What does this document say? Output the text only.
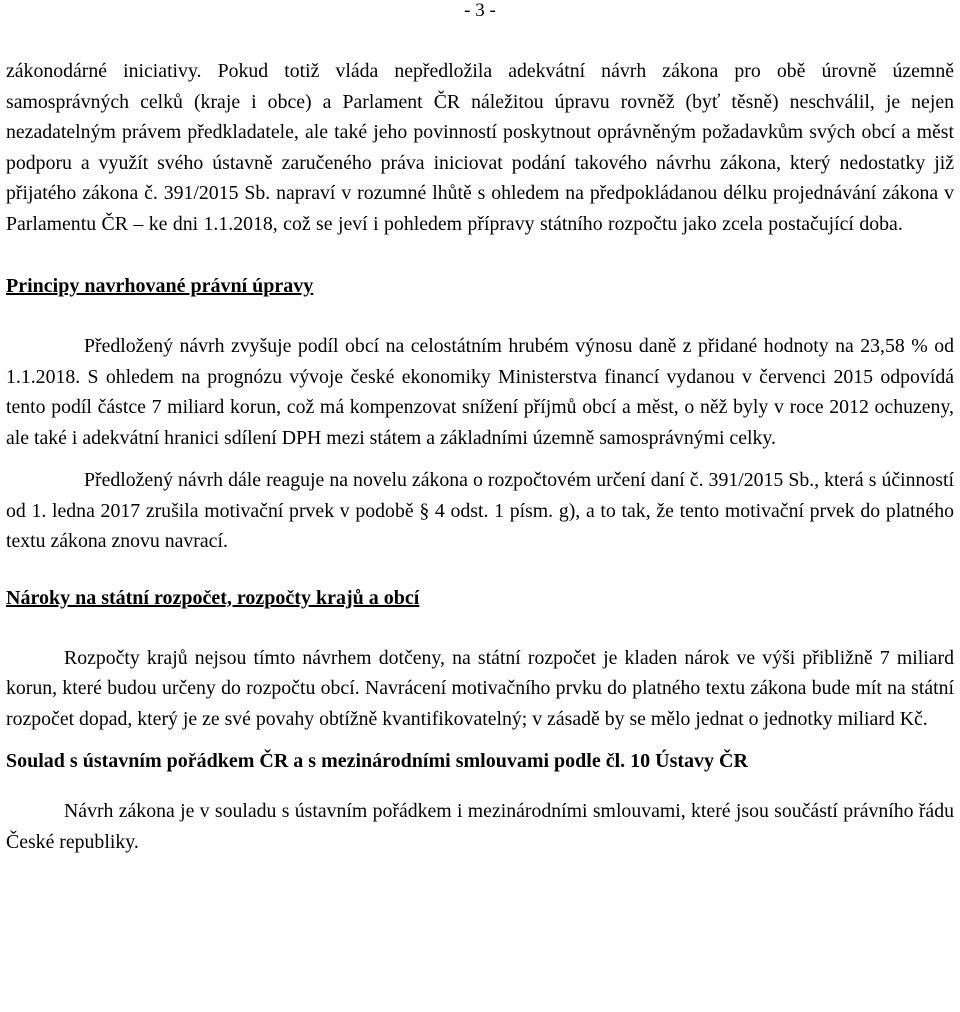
- 3 -

zákonodárné iniciativy. Pokud totiž vláda nepředložila adekvátní návrh zákona pro obě úrovně územně samosprávných celků (kraje i obce) a Parlament ČR náležitou úpravu rovněž (byť těsně) neschválil, je nejen nezadatelným právem předkladatele, ale také jeho povinností poskytnout oprávněným požadavkům svých obcí a měst podporu a využít svého ústavně zaručeného práva iniciovat podání takového návrhu zákona, který nedostatky již přijatého zákona č. 391/2015 Sb. napraví v rozumné lhůtě s ohledem na předpokládanou délku projednávání zákona v Parlamentu ČR – ke dni 1.1.2018, což se jeví i pohledem přípravy státního rozpočtu jako zcela postačující doba.

Principy navrhované právní úpravy

Předložený návrh zvyšuje podíl obcí na celostátním hrubém výnosu daně z přidané hodnoty na 23,58 % od 1.1.2018. S ohledem na prognózu vývoje české ekonomiky Ministerstva financí vydanou v červenci 2015 odpovídá tento podíl částce 7 miliard korun, což má kompenzovat snížení příjmů obcí a měst, o něž byly v roce 2012 ochuzeny, ale také i adekvátní hranici sdílení DPH mezi státem a základními územně samosprávnými celky.

Předložený návrh dále reaguje na novelu zákona o rozpočtovém určení daní č. 391/2015 Sb., která s účinností od 1. ledna 2017 zrušila motivační prvek v podobě § 4 odst. 1 písm. g), a to tak, že tento motivační prvek do platného textu zákona znovu navrací.

Nároky na státní rozpočet, rozpočty krajů a obcí

Rozpočty krajů nejsou tímto návrhem dotčeny, na státní rozpočet je kladen nárok ve výši přibližně 7 miliard korun, které budou určeny do rozpočtu obcí. Navrácení motivačního prvku do platného textu zákona bude mít na státní rozpočet dopad, který je ze své povahy obtížně kvantifikovatelný; v zásadě by se mělo jednat o jednotky miliard Kč.

Soulad s ústavním pořádkem ČR a s mezinárodními smlouvami podle čl. 10 Ústavy ČR

Návrh zákona je v souladu s ústavním pořádkem i mezinárodními smlouvami, které jsou součástí právního řádu České republiky.
